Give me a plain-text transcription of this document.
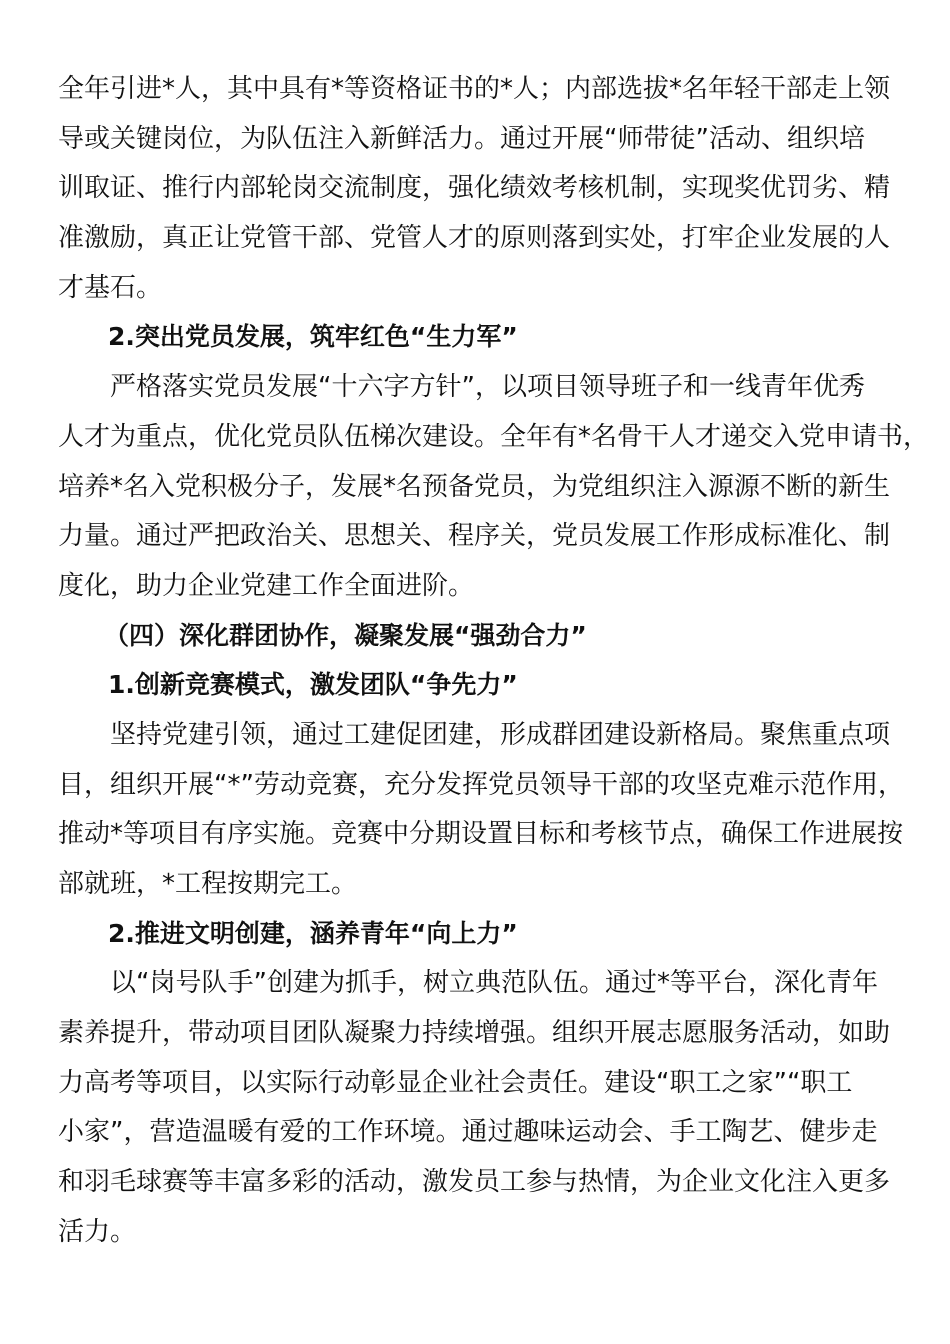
全年引进*人，其中具有*等资格证书的*人；内部选拔*名年轻干部走上领
导或关键岗位，为队伍注入新鲜活力。通过开展“师带徒”活动、组织培
训取证、推行内部轮岗交流制度，强化绩效考核机制，实现奖优罚劣、精
准激励，真正让党管干部、党管人才的原则落到实处，打牢企业发展的人
才基石。
2.突出党员发展，筑牢红色“生力军”
严格落实党员发展“十六字方针”，以项目领导班子和一线青年优秀
人才为重点，优化党员队伍梯次建设。全年有*名骨干人才递交入党申请书，
培养*名入党积极分子，发展*名预备党员，为党组织注入源源不断的新生
力量。通过严把政治关、思想关、程序关，党员发展工作形成标准化、制
度化，助力企业党建工作全面进阶。
（四）深化群团协作，凝聚发展“强劲合力”
1.创新竞赛模式，激发团队“争先力”
坚持党建引领，通过工建促团建，形成群团建设新格局。聚焦重点项
目，组织开展“*”劳动竞赛，充分发挥党员领导干部的攻坚克难示范作用，
推动*等项目有序实施。竞赛中分期设置目标和考核节点，确保工作进展按
部就班，*工程按期完工。
2.推进文明创建，涵养青年“向上力”
以“岗号队手”创建为抓手，树立典范队伍。通过*等平台，深化青年
素养提升，带动项目团队凝聚力持续增强。组织开展志愿服务活动，如助
力高考等项目，以实际行动彰显企业社会责任。建设“职工之家”“职工
小家”，营造温暖有爱的工作环境。通过趣味运动会、手工陶艺、健步走
和羽毛球赛等丰富多彩的活动，激发员工参与热情，为企业文化注入更多
活力。
